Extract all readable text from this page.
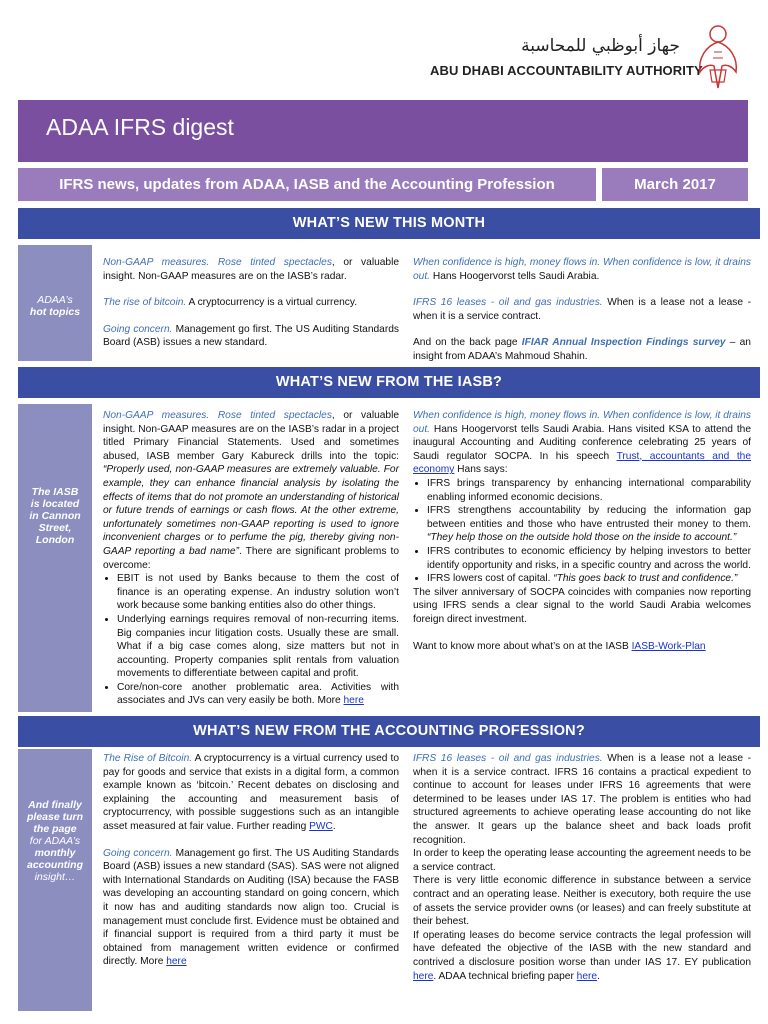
جهاز أبوظبي للمحاسبة
ABU DHABI ACCOUNTABILITY AUTHORITY
ADAA IFRS digest
IFRS news, updates from ADAA, IASB and the Accounting Profession	March 2017
WHAT’S NEW THIS MONTH
ADAA’s
hot topics

Non-GAAP measures. Rose tinted spectacles, or valuable insight. Non-GAAP measures are on the IASB’s radar.

The rise of bitcoin. A cryptocurrency is a virtual currency.

Going concern. Management go first. The US Auditing Standards Board (ASB) issues a new standard.

When confidence is high, money flows in. When confidence is low, it drains out. Hans Hoogervorst tells Saudi Arabia.

IFRS 16 leases - oil and gas industries. When is a lease not a lease - when it is a service contract.

And on the back page IFIAR Annual Inspection Findings survey – an insight from ADAA’s Mahmoud Shahin.

WHAT’S NEW FROM THE IASB?
The IASB
is located
in Cannon
Street,
London
Non-GAAP measures. Rose tinted spectacles, or valuable insight. Non-GAAP measures are on the IASB’s radar in a project titled Primary Financial Statements. Used and sometimes abused, IASB member Gary Kabureck drills into the topic: “Properly used, non-GAAP measures are extremely valuable. For example, they can enhance financial analysis by isolating the effects of items that do not promote an understanding of historical or future trends of earnings or cash flows. At the other extreme, unfortunately sometimes non-GAAP reporting is used to ignore inconvenient charges or to perfume the pig, thereby giving non-GAAP reporting a bad name”. There are significant problems to overcome:
• EBIT is not used by Banks because to them the cost of finance is an operating expense. An industry solution won’t work because some banking entities also do other things.
• Underlying earnings requires removal of non-recurring items. Big companies incur litigation costs. Usually these are small. What if a big case comes along, size matters but not in accounting. Property companies split rentals from valuation movements to differentiate between capital and profit.
• Core/non-core another problematic area. Activities with associates and JVs can very easily be both. More here
When confidence is high, money flows in. When confidence is low, it drains out. Hans Hoogervorst tells Saudi Arabia. Hans visited KSA to attend the inaugural Accounting and Auditing conference celebrating 25 years of Saudi regulator SOCPA. In his speech Trust, accountants and the economy Hans says:
• IFRS brings transparency by enhancing international comparability enabling informed economic decisions.
• IFRS strengthens accountability by reducing the information gap between entities and those who have entrusted their money to them. “They help those on the outside hold those on the inside to account.”
• IFRS contributes to economic efficiency by helping investors to better identify opportunity and risks, in a specific country and across the world.
• IFRS lowers cost of capital. “This goes back to trust and confidence.”

The silver anniversary of SOCPA coincides with companies now reporting using IFRS sends a clear signal to the world Saudi Arabia welcomes foreign direct investment.

Want to know more about what’s on at the IASB IASB-Work-Plan

WHAT’S NEW FROM THE ACCOUNTING PROFESSION?
And finally
please turn
the page
for ADAA’s
monthly
accounting
insight…

The Rise of Bitcoin. A cryptocurrency is a virtual currency used to pay for goods and service that exists in a digital form, a common example known as ‘bitcoin.’ Recent debates on disclosing and explaining the accounting and measurement basis of cryptocurrency, with possible suggestions such as an intangible asset measured at fair value. Further reading PWC.

Going concern. Management go first. The US Auditing Standards Board (ASB) issues a new standard (SAS). SAS were not aligned with International Standards on Auditing (ISA) because the FASB was developing an accounting standard on going concern, which it now has and auditing standards now align too. Crucial is management must conclude first. Evidence must be obtained and if financial support is required from a third party it must be obtained from management written evidence or confirmed directly. More here

IFRS 16 leases - oil and gas industries. When is a lease not a lease - when it is a service contract. IFRS 16 contains a practical expedient to continue to account for leases under IFRS 16 agreements that were determined to be leases under IAS 17. The problem is entities who had structured agreements to achieve operating lease accounting do not like the answer. It gears up the balance sheet and back loads profit recognition.
In order to keep the operating lease accounting the agreement needs to be a service contract.
There is very little economic difference in substance between a service contract and an operating lease. Neither is executory, both require the use of assets the service provider owns (or leases) and can freely substitute at their behest.
If operating leases do become service contracts the legal profession will have defeated the objective of the IASB with the new standard and contrived a disclosure position worse than under IAS 17. EY publication here. ADAA technical briefing paper here.
